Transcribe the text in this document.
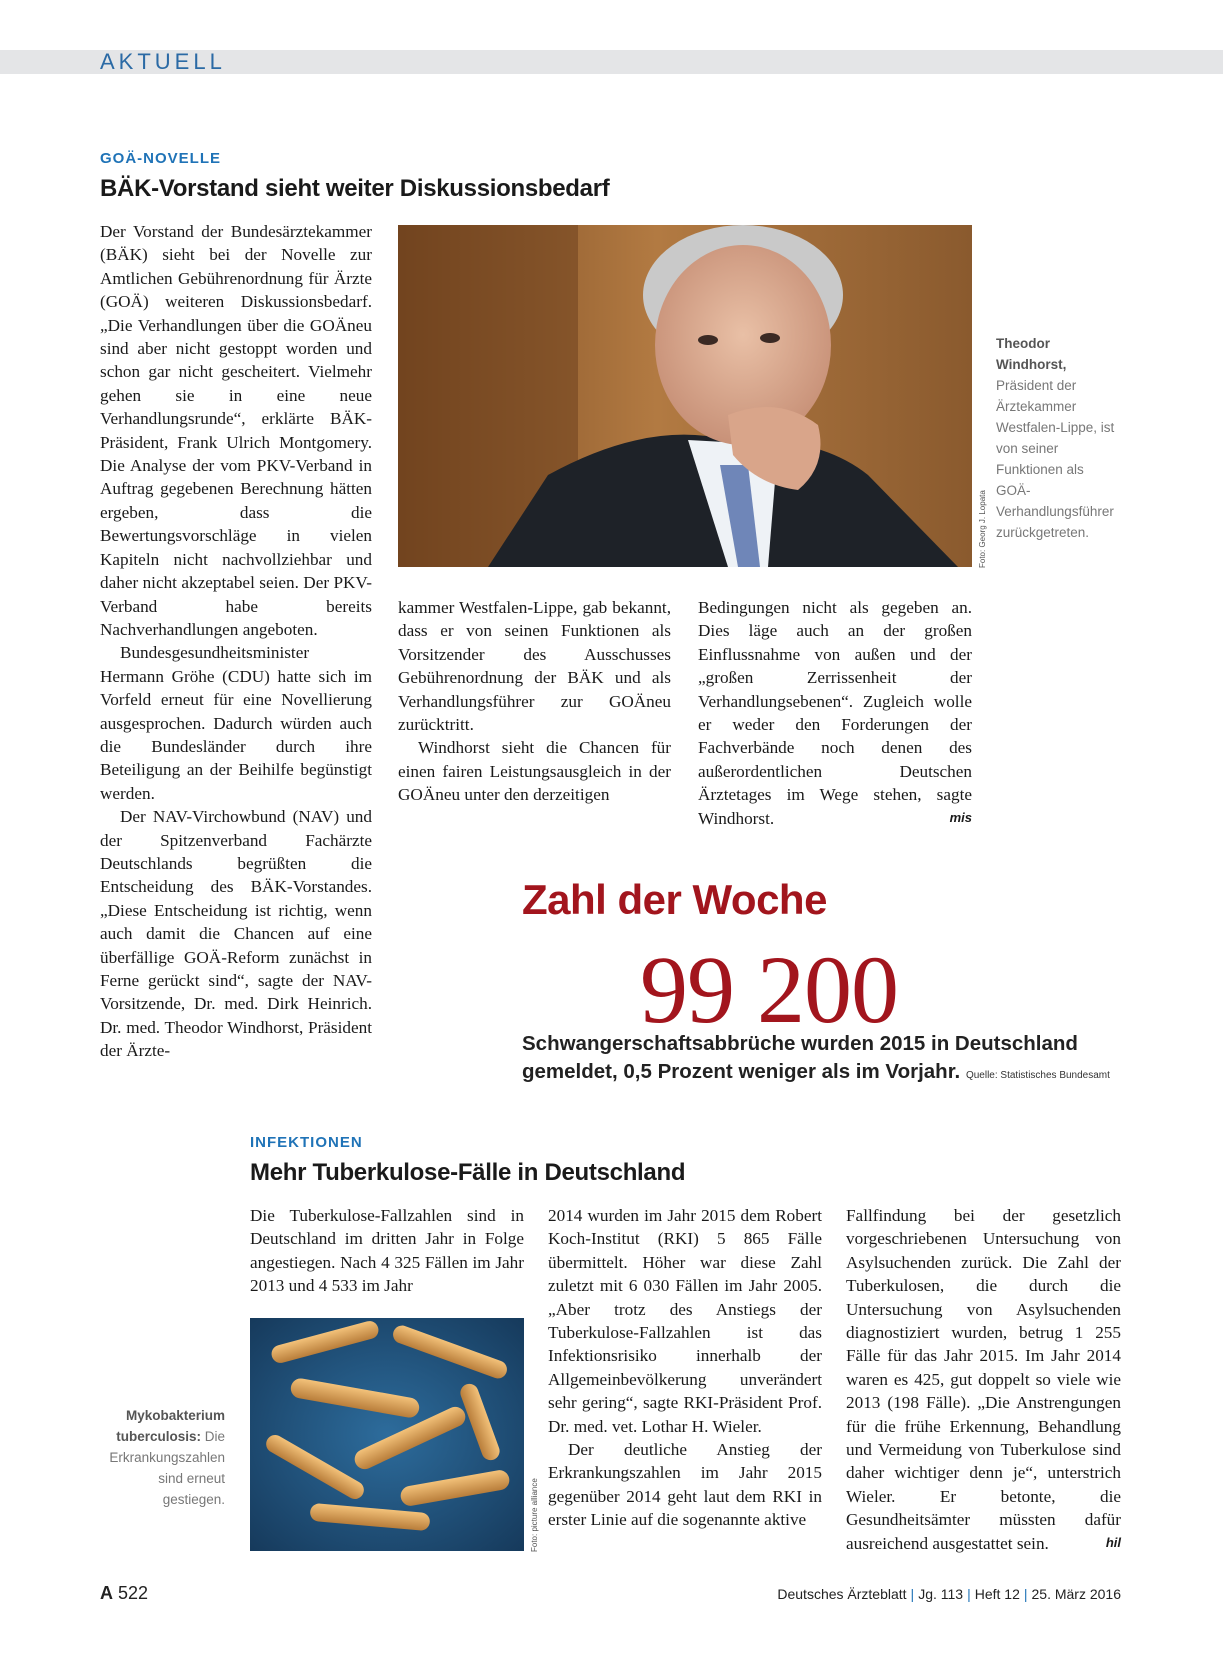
AKTUELL
GOÄ-NOVELLE
BÄK-Vorstand sieht weiter Diskussionsbedarf

Der Vorstand der Bundesärztekammer (BÄK) sieht bei der Novelle zur Amtlichen Gebührenordnung für Ärzte (GOÄ) weiteren Diskussionsbedarf. „Die Verhandlungen über die GOÄneu sind aber nicht gestoppt worden und schon gar nicht gescheitert. Vielmehr gehen sie in eine neue Verhandlungsrunde“, erklärte BÄK-Präsident, Frank Ulrich Montgomery. Die Analyse der vom PKV-Verband in Auftrag gegebenen Berechnung hätten ergeben, dass die Bewertungsvorschläge in vielen Kapiteln nicht nachvollziehbar und daher nicht akzeptabel seien. Der PKV-Verband habe bereits Nachverhandlungen angeboten.

Bundesgesundheitsminister Hermann Gröhe (CDU) hatte sich im Vorfeld erneut für eine Novellierung ausgesprochen. Dadurch würden auch die Bundesländer durch ihre Beteiligung an der Beihilfe begünstigt werden.

Der NAV-Virchowbund (NAV) und der Spitzenverband Fachärzte Deutschlands begrüßten die Entscheidung des BÄK-Vorstandes. „Diese Entscheidung ist richtig, wenn auch damit die Chancen auf eine überfällige GOÄ-Reform zunächst in Ferne gerückt sind“, sagte der NAV-Vorsitzende, Dr. med. Dirk Heinrich. Dr. med. Theodor Windhorst, Präsident der Ärzte-

Foto: Georg J. Lopata
Theodor Windhorst, Präsident der Ärztekammer Westfalen-Lippe, ist von seiner Funktionen als GOÄ-Verhandlungsführer zurückgetreten.

kammer Westfalen-Lippe, gab bekannt, dass er von seinen Funktionen als Vorsitzender des Ausschusses Gebührenordnung der BÄK und als Verhandlungsführer zur GOÄneu zurücktritt.

Windhorst sieht die Chancen für einen fairen Leistungsausgleich in der GOÄneu unter den derzeitigen

Bedingungen nicht als gegeben an. Dies läge auch an der großen Einflussnahme von außen und der „großen Zerrissenheit der Verhandlungsebenen“. Zugleich wolle er weder den Forderungen der Fachverbände noch denen des außerordentlichen Deutschen Ärztetages im Wege stehen, sagte Windhorst.	mis
Zahl der Woche
99 200
Schwangerschaftsabbrüche wurden 2015 in Deutschland gemeldet, 0,5 Prozent weniger als im Vorjahr. Quelle: Statistisches Bundesamt
INFEKTIONEN
Mehr Tuberkulose-Fälle in Deutschland

Die Tuberkulose-Fallzahlen sind in Deutschland im dritten Jahr in Folge angestiegen. Nach 4 325 Fällen im Jahr 2013 und 4 533 im Jahr

Foto: picture alliance
Mykobakterium tuberculosis: Die Erkrankungszahlen sind erneut gestiegen.

2014 wurden im Jahr 2015 dem Robert Koch-Institut (RKI) 5 865 Fälle übermittelt. Höher war diese Zahl zuletzt mit 6 030 Fällen im Jahr 2005. „Aber trotz des Anstiegs der Tuberkulose-Fallzahlen ist das Infektionsrisiko innerhalb der Allgemeinbevölkerung unverändert sehr gering“, sagte RKI-Präsident Prof. Dr. med. vet. Lothar H. Wieler.

Der deutliche Anstieg der Erkrankungszahlen im Jahr 2015 gegenüber 2014 geht laut dem RKI in erster Linie auf die sogenannte aktive

Fallfindung bei der gesetzlich vorgeschriebenen Untersuchung von Asylsuchenden zurück. Die Zahl der Tuberkulosen, die durch die Untersuchung von Asylsuchenden diagnostiziert wurden, betrug 1 255 Fälle für das Jahr 2015. Im Jahr 2014 waren es 425, gut doppelt so viele wie 2013 (198 Fälle). „Die Anstrengungen für die frühe Erkennung, Behandlung und Vermeidung von Tuberkulose sind daher wichtiger denn je“, unterstrich Wieler. Er betonte, die Gesundheitsämter müssten dafür ausreichend ausgestattet sein.	hil
A 522	Deutsches Ärzteblatt | Jg. 113 | Heft 12 | 25. März 2016
